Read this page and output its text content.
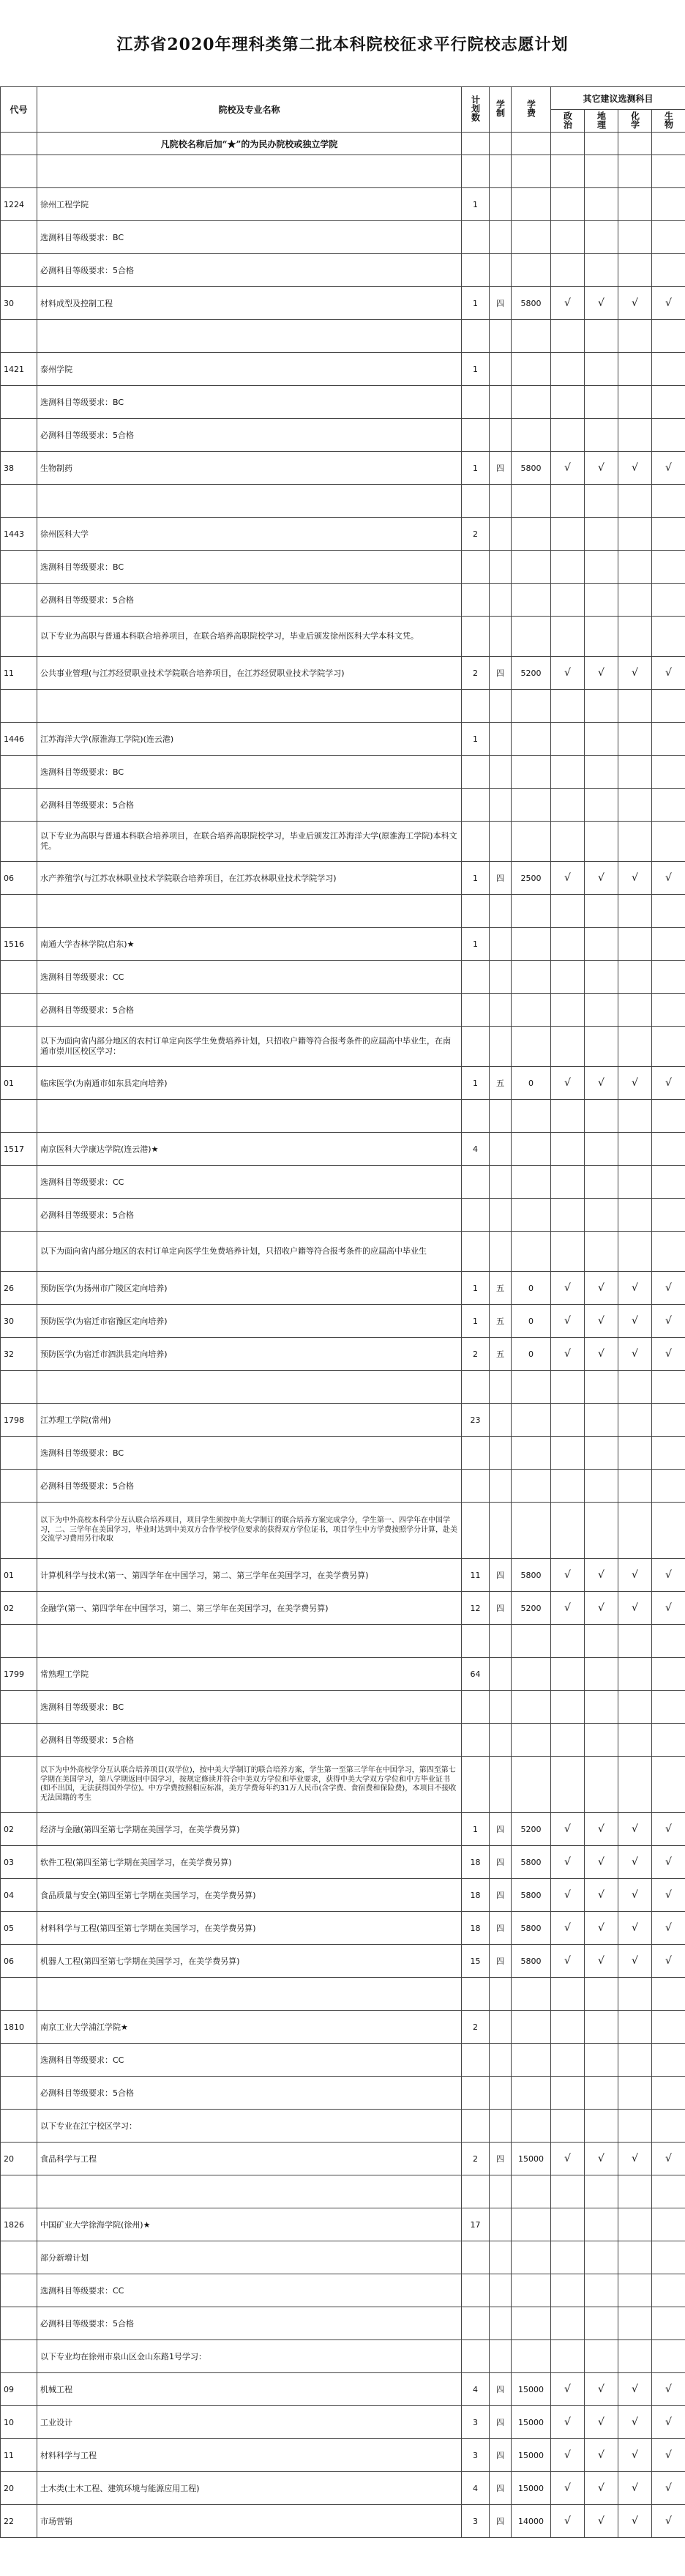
江苏省2020年理科类第二批本科院校征求平行院校志愿计划
代号	院校及专业名称	计划数	学制	学费	其它建议选测科目			
					政治	地理	化学	生物
	凡院校名称后加“★”的为民办院校或独立学院							

1224	徐州工程学院	1						
	选测科目等级要求：BC							
	必测科目等级要求：5合格							
30	材料成型及控制工程	1	四	5800	√	√	√	√

1421	泰州学院	1						
	选测科目等级要求：BC							
	必测科目等级要求：5合格							
38	生物制药	1	四	5800	√	√	√	√

1443	徐州医科大学	2						
	选测科目等级要求：BC							
	必测科目等级要求：5合格							
	以下专业为高职与普通本科联合培养项目，在联合培养高职院校学习，毕业后颁发徐州医科大学本科文凭。							
11	公共事业管理(与江苏经贸职业技术学院联合培养项目，在江苏经贸职业技术学院学习)	2	四	5200	√	√	√	√

1446	江苏海洋大学(原淮海工学院)(连云港)	1						
	选测科目等级要求：BC							
	必测科目等级要求：5合格							
	以下专业为高职与普通本科联合培养项目，在联合培养高职院校学习，毕业后颁发江苏海洋大学(原淮海工学院)本科文凭。							
06	水产养殖学(与江苏农林职业技术学院联合培养项目，在江苏农林职业技术学院学习)	1	四	2500	√	√	√	√

1516	南通大学杏林学院(启东)★	1						
	选测科目等级要求：CC							
	必测科目等级要求：5合格							
	以下为面向省内部分地区的农村订单定向医学生免费培养计划，只招收户籍等符合报考条件的应届高中毕业生，在南通市崇川区校区学习：							
01	临床医学(为南通市如东县定向培养)	1	五	0	√	√	√	√

1517	南京医科大学康达学院(连云港)★	4						
	选测科目等级要求：CC							
	必测科目等级要求：5合格							
	以下为面向省内部分地区的农村订单定向医学生免费培养计划，只招收户籍等符合报考条件的应届高中毕业生							
26	预防医学(为扬州市广陵区定向培养)	1	五	0	√	√	√	√
30	预防医学(为宿迁市宿豫区定向培养)	1	五	0	√	√	√	√
32	预防医学(为宿迁市泗洪县定向培养)	2	五	0	√	√	√	√

1798	江苏理工学院(常州)	23						
	选测科目等级要求：BC							
	必测科目等级要求：5合格							
	以下为中外高校本科学分互认联合培养项目，项目学生须按中美大学制订的联合培养方案完成学分，学生第一、四学年在中国学习，二、三学年在美国学习，毕业时达到中美双方合作学校学位要求的获得双方学位证书，项目学生中方学费按照学分计算，赴美交流学习费用另行收取							
01	计算机科学与技术(第一、第四学年在中国学习，第二、第三学年在美国学习，在美学费另算)	11	四	5800	√	√	√	√
02	金融学(第一、第四学年在中国学习，第二、第三学年在美国学习，在美学费另算)	12	四	5200	√	√	√	√

1799	常熟理工学院	64						
	选测科目等级要求：BC							
	必测科目等级要求：5合格							
	以下为中外高校学分互认联合培养项目(双学位)，按中美大学制订的联合培养方案，学生第一至第三学年在中国学习，第四至第七学期在美国学习，第八学期返回中国学习，按规定修读并符合中美双方学位和毕业要求，获得中美大学双方学位和中方毕业证书(如不出国，无法获得国外学位)。中方学费按照相应标准，美方学费每年约31万人民币(含学费、食宿费和保险费)，本项目不接收无法国籍的考生							
02	经济与金融(第四至第七学期在美国学习，在美学费另算)	1	四	5200	√	√	√	√
03	软件工程(第四至第七学期在美国学习，在美学费另算)	18	四	5800	√	√	√	√
04	食品质量与安全(第四至第七学期在美国学习，在美学费另算)	18	四	5800	√	√	√	√
05	材料科学与工程(第四至第七学期在美国学习，在美学费另算)	18	四	5800	√	√	√	√
06	机器人工程(第四至第七学期在美国学习，在美学费另算)	15	四	5800	√	√	√	√

1810	南京工业大学浦江学院★	2						
	选测科目等级要求：CC							
	必测科目等级要求：5合格							
	以下专业在江宁校区学习：							
20	食品科学与工程	2	四	15000	√	√	√	√

1826	中国矿业大学徐海学院(徐州)★	17						
	部分新增计划							
	选测科目等级要求：CC							
	必测科目等级要求：5合格							
	以下专业均在徐州市泉山区金山东路1号学习：							
09	机械工程	4	四	15000	√	√	√	√
10	工业设计	3	四	15000	√	√	√	√
11	材料科学与工程	3	四	15000	√	√	√	√
20	土木类(土木工程、建筑环境与能源应用工程)	4	四	15000	√	√	√	√
22	市场营销	3	四	14000	√	√	√	√
